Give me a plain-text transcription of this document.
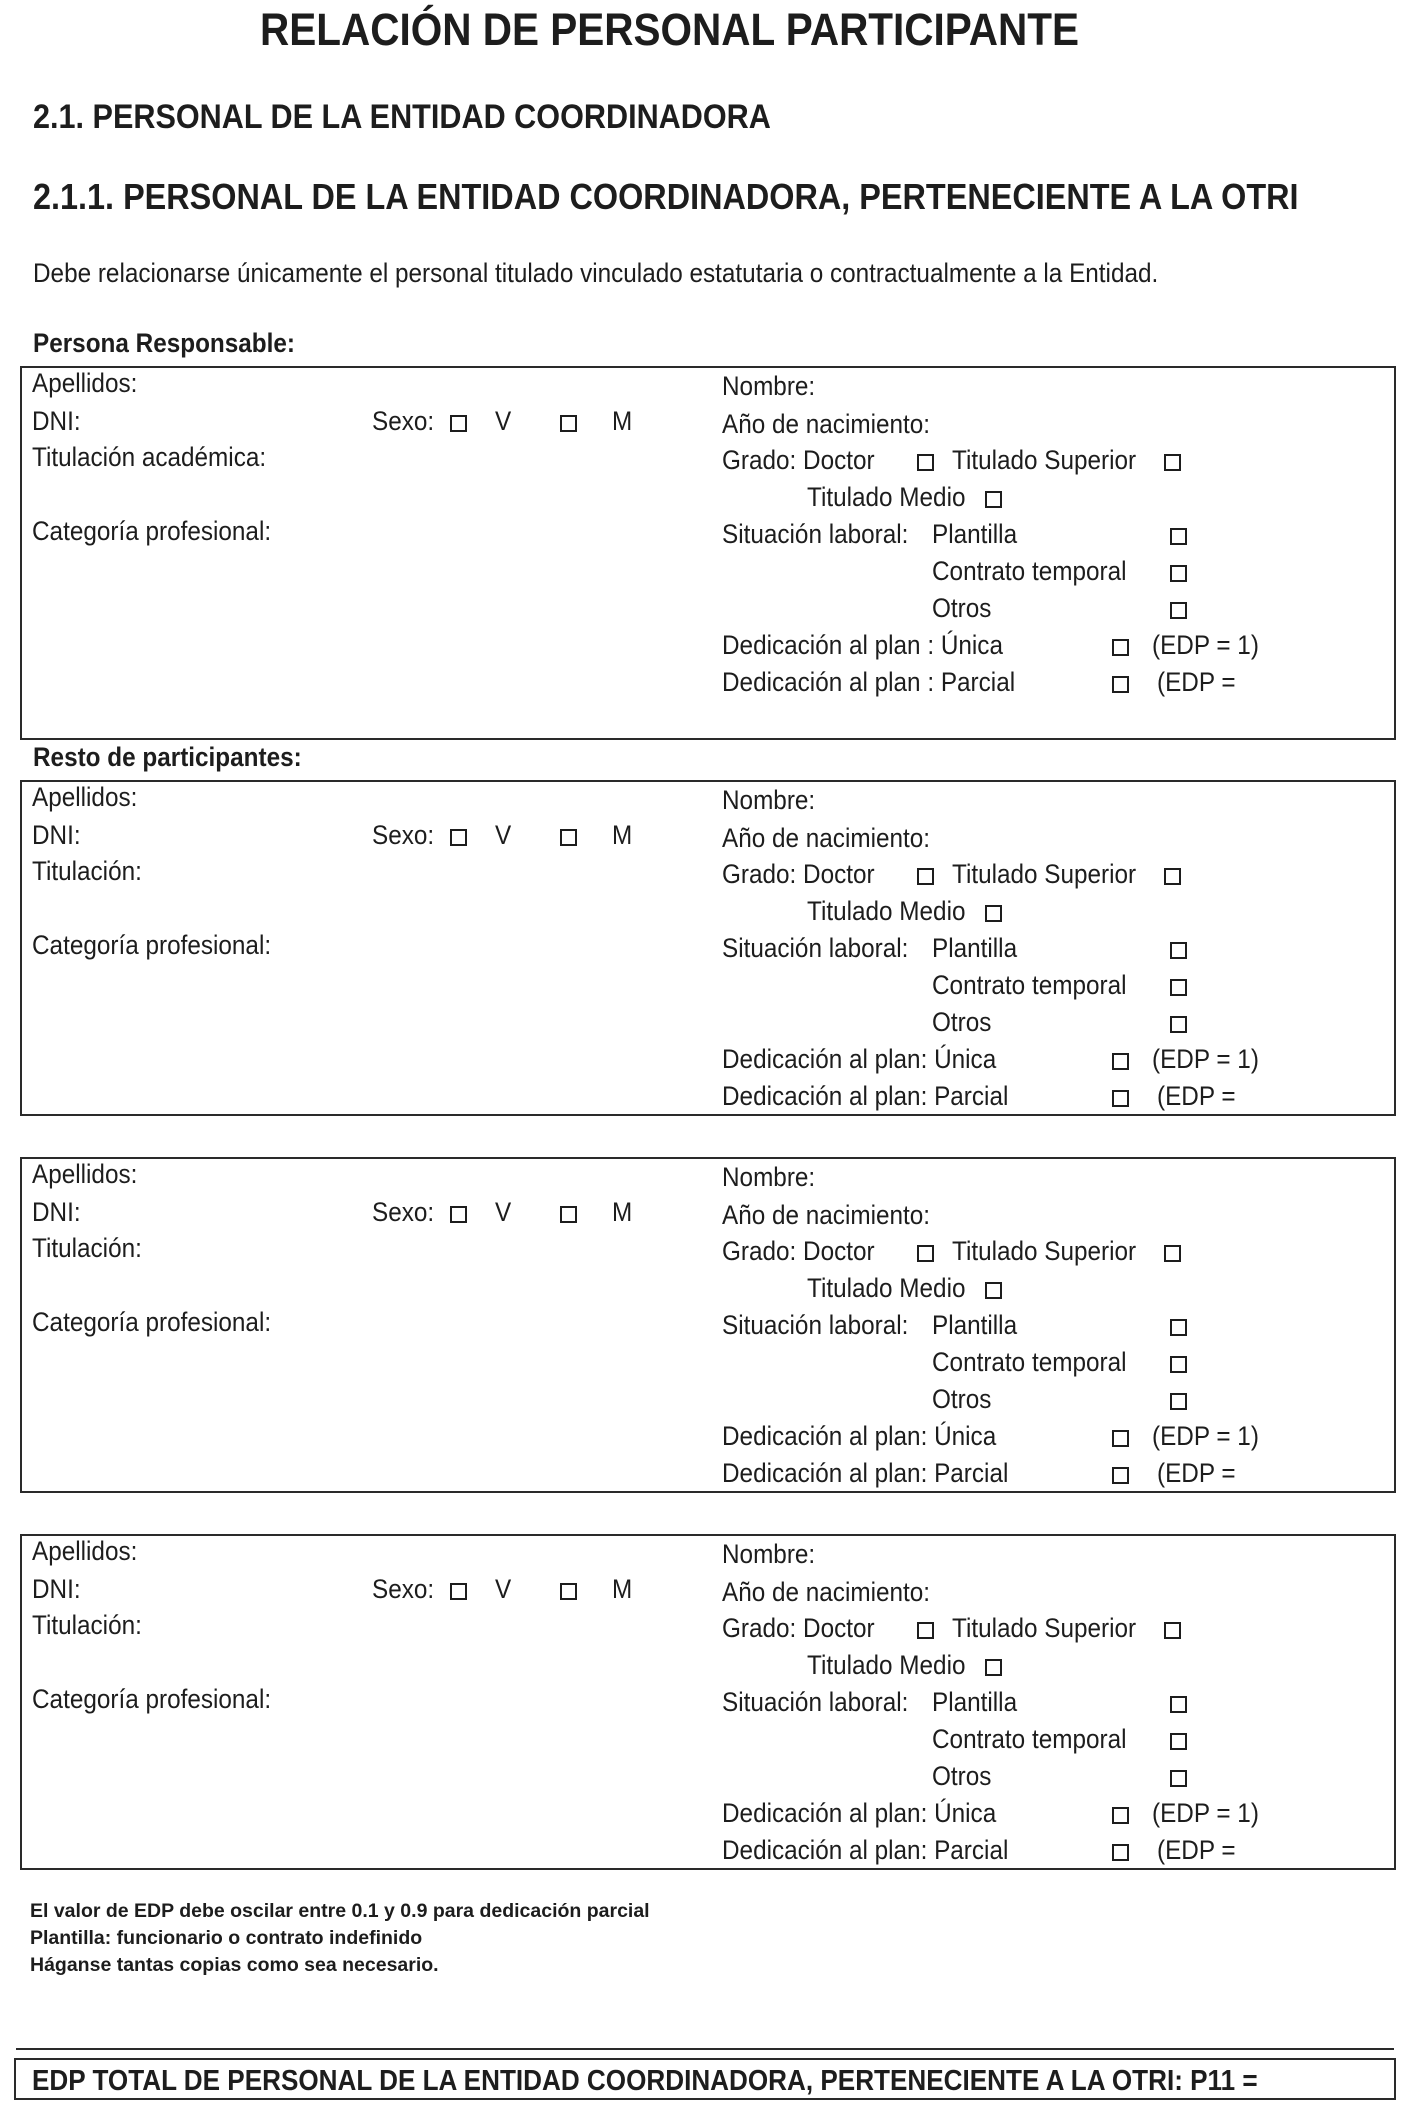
RELACIÓN DE PERSONAL PARTICIPANTE
2.1. PERSONAL DE LA ENTIDAD COORDINADORA
2.1.1. PERSONAL DE LA ENTIDAD COORDINADORA, PERTENECIENTE A LA OTRI
Debe relacionarse únicamente el personal titulado vinculado estatutaria o contractualmente a la Entidad.
Persona Responsable:
Resto de participantes:
Apellidos:
DNI:
Titulación académica:
Categoría profesional:
Sexo: V	M
Nombre:
Año de nacimiento:
Grado: Doctor	Titulado Superior
Titulado Medio
Situación laboral: Plantilla
Contrato temporal
Otros
Dedicación al plan : Única	(EDP = 1)
Dedicación al plan : Parcial	(EDP =
Apellidos:
DNI:
Titulación:
Categoría profesional:
Sexo: V	M
Nombre:
Año de nacimiento:
Grado: Doctor	Titulado Superior
Titulado Medio
Situación laboral: Plantilla
Contrato temporal
Otros
Dedicación al plan: Única	(EDP = 1)
Dedicación al plan: Parcial	(EDP =
Apellidos:
DNI:
Titulación:
Categoría profesional:
Sexo: V	M
Nombre:
Año de nacimiento:
Grado: Doctor	Titulado Superior
Titulado Medio
Situación laboral: Plantilla
Contrato temporal
Otros
Dedicación al plan: Única	(EDP = 1)
Dedicación al plan: Parcial	(EDP =
Apellidos:
DNI:
Titulación:
Categoría profesional:
Sexo: V	M
Nombre:
Año de nacimiento:
Grado: Doctor	Titulado Superior
Titulado Medio
Situación laboral: Plantilla
Contrato temporal
Otros
Dedicación al plan: Única	(EDP = 1)
Dedicación al plan: Parcial	(EDP =
El valor de EDP debe oscilar entre 0.1 y 0.9 para dedicación parcial
Plantilla: funcionario o contrato indefinido
Háganse tantas copias como sea necesario.
EDP TOTAL DE PERSONAL DE LA ENTIDAD COORDINADORA, PERTENECIENTE A LA OTRI: P11 =
